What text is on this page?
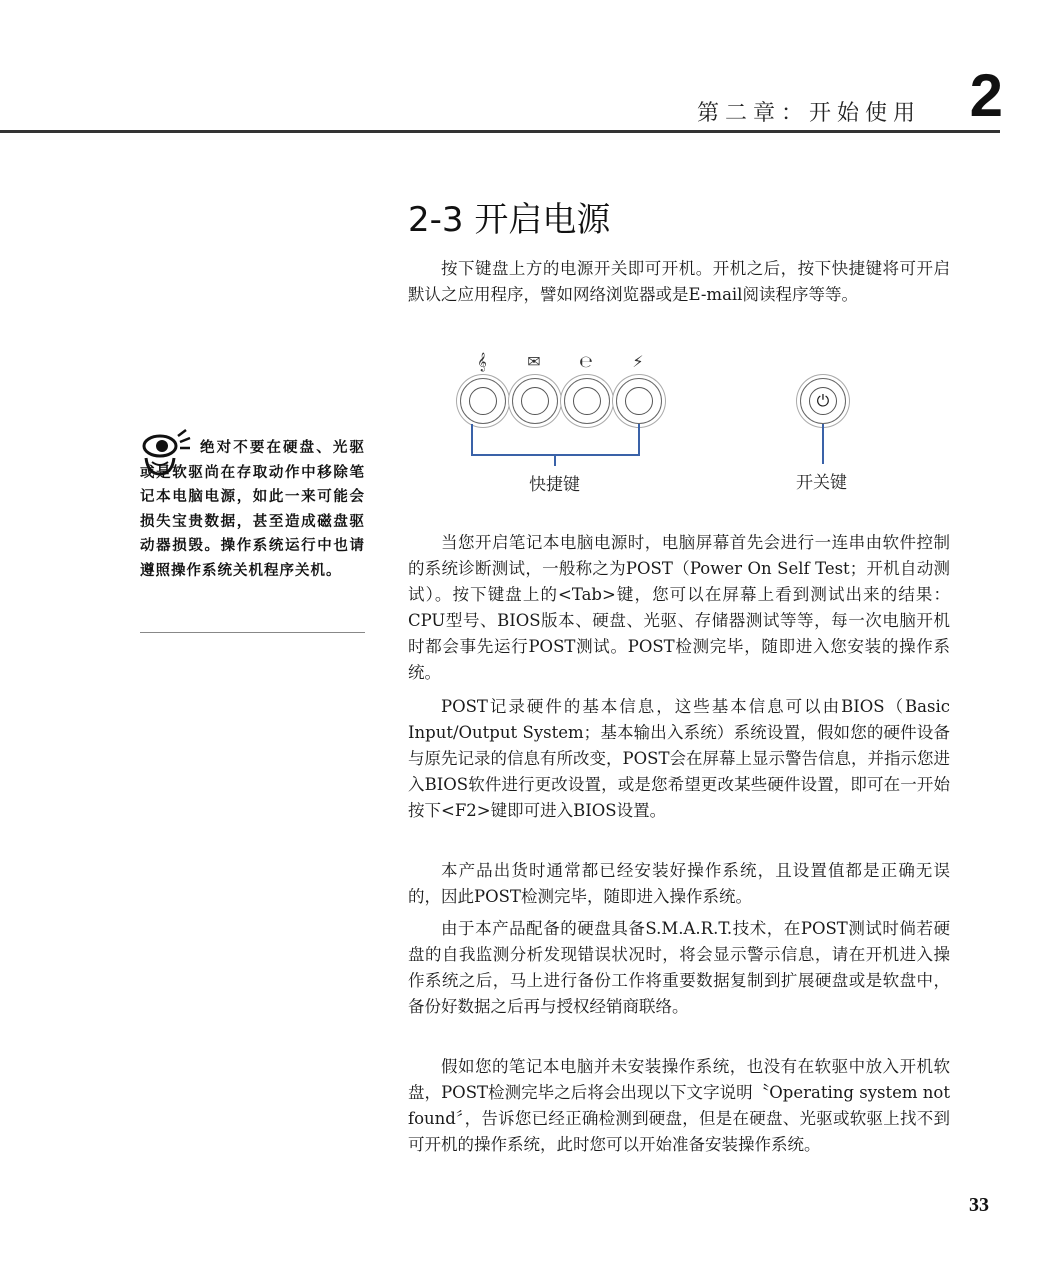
第二章：开始使用 2
2-3 开启电源

按下键盘上方的电源开关即可开机。开机之后，按下快捷键将可开启默认之应用程序，譬如网络浏览器或是E-mail阅读程序等等。

𝄞	✉	℮	⚡
⏻
快捷键	开关键

当您开启笔记本电脑电源时，电脑屏幕首先会进行一连串由软件控制的系统诊断测试，一般称之为POST（Power On Self Test；开机自动测试）。按下键盘上的<Tab>键，您可以在屏幕上看到测试出来的结果：CPU型号、BIOS版本、硬盘、光驱、存储器测试等等，每一次电脑开机时都会事先运行POST测试。POST检测完毕，随即进入您安装的操作系统。

POST记录硬件的基本信息，这些基本信息可以由BIOS（Basic Input/Output System；基本输出入系统）系统设置，假如您的硬件设备与原先记录的信息有所改变，POST会在屏幕上显示警告信息，并指示您进入BIOS软件进行更改设置，或是您希望更改某些硬件设置，即可在一开始按下<F2>键即可进入BIOS设置。

本产品出货时通常都已经安装好操作系统，且设置值都是正确无误的，因此POST检测完毕，随即进入操作系统。

由于本产品配备的硬盘具备S.M.A.R.T.技术，在POST测试时倘若硬盘的自我监测分析发现错误状况时，将会显示警示信息，请在开机进入操作系统之后，马上进行备份工作将重要数据复制到扩展硬盘或是软盘中，备份好数据之后再与授权经销商联络。

假如您的笔记本电脑并未安装操作系统，也没有在软驱中放入开机软盘，POST检测完毕之后将会出现以下文字说明〝Operating system not found〞，告诉您已经正确检测到硬盘，但是在硬盘、光驱或软驱上找不到可开机的操作系统，此时您可以开始准备安装操作系统。

绝对不要在硬盘、光驱或是软驱尚在存取动作中移除笔记本电脑电源，如此一来可能会损失宝贵数据，甚至造成磁盘驱动器损毁。操作系统运行中也请遵照操作系统关机程序关机。

33
